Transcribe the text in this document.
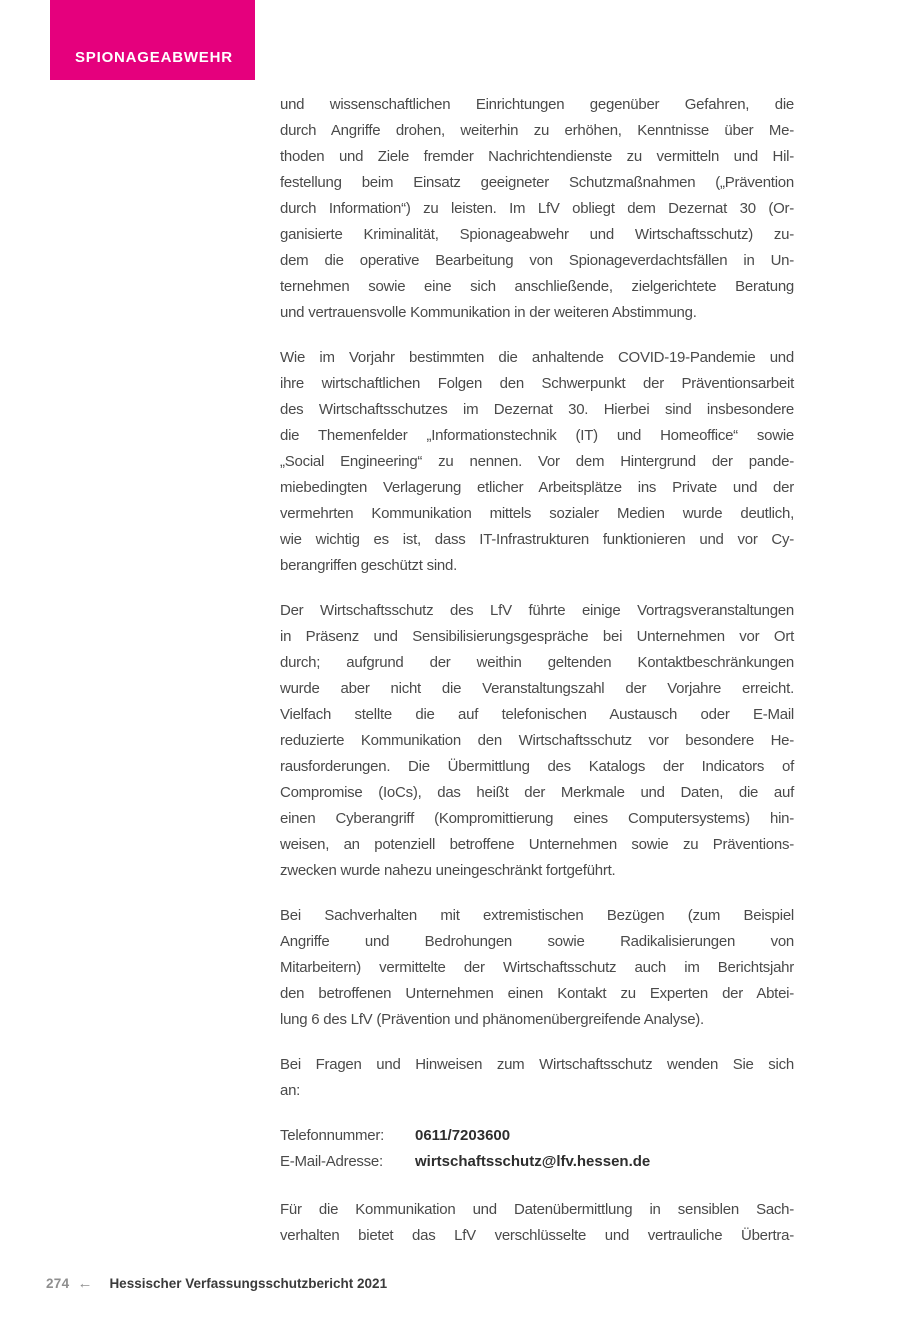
SPIONAGEABWEHR
und wissenschaftlichen Einrichtungen gegenüber Gefahren, die
durch Angriffe drohen, weiterhin zu erhöhen, Kenntnisse über Me-
thoden und Ziele fremder Nachrichtendienste zu vermitteln und Hil-
festellung beim Einsatz geeigneter Schutzmaßnahmen („Prävention
durch Information“) zu leisten. Im LfV obliegt dem Dezernat 30 (Or-
ganisierte Kriminalität, Spionageabwehr und Wirtschaftsschutz) zu-
dem die operative Bearbeitung von Spionageverdachtsfällen in Un-
ternehmen sowie eine sich anschließende, zielgerichtete Beratung
und vertrauensvolle Kommunikation in der weiteren Abstimmung.
Wie im Vorjahr bestimmten die anhaltende COVID-19-Pandemie und
ihre wirtschaftlichen Folgen den Schwerpunkt der Präventionsarbeit
des Wirtschaftsschutzes im Dezernat 30. Hierbei sind insbesondere
die Themenfelder „Informationstechnik (IT) und Homeoffice“ sowie
„Social Engineering“ zu nennen. Vor dem Hintergrund der pande-
miebedingten Verlagerung etlicher Arbeitsplätze ins Private und der
vermehrten Kommunikation mittels sozialer Medien wurde deutlich,
wie wichtig es ist, dass IT-Infrastrukturen funktionieren und vor Cy-
berangriffen geschützt sind.
Der Wirtschaftsschutz des LfV führte einige Vortragsveranstaltungen
in Präsenz und Sensibilisierungsgespräche bei Unternehmen vor Ort
durch; aufgrund der weithin geltenden Kontaktbeschränkungen
wurde aber nicht die Veranstaltungszahl der Vorjahre erreicht.
Vielfach stellte die auf telefonischen Austausch oder E-Mail
reduzierte Kommunikation den Wirtschaftsschutz vor besondere He-
rausforderungen. Die Übermittlung des Katalogs der Indicators of
Compromise (IoCs), das heißt der Merkmale und Daten, die auf
einen Cyberangriff (Kompromittierung eines Computersystems) hin-
weisen, an potenziell betroffene Unternehmen sowie zu Präventions-
zwecken wurde nahezu uneingeschränkt fortgeführt.
Bei Sachverhalten mit extremistischen Bezügen (zum Beispiel
Angriffe und Bedrohungen sowie Radikalisierungen von
Mitarbeitern) vermittelte der Wirtschaftsschutz auch im Berichtsjahr
den betroffenen Unternehmen einen Kontakt zu Experten der Abtei-
lung 6 des LfV (Prävention und phänomenübergreifende Analyse).
Bei Fragen und Hinweisen zum Wirtschaftsschutz wenden Sie sich
an:
Telefonnummer:	0611/7203600
E-Mail-Adresse:	wirtschaftsschutz@lfv.hessen.de
Für die Kommunikation und Datenübermittlung in sensiblen Sach-
verhalten bietet das LfV verschlüsselte und vertrauliche Übertra-
274 ← Hessischer Verfassungsschutzbericht 2021
